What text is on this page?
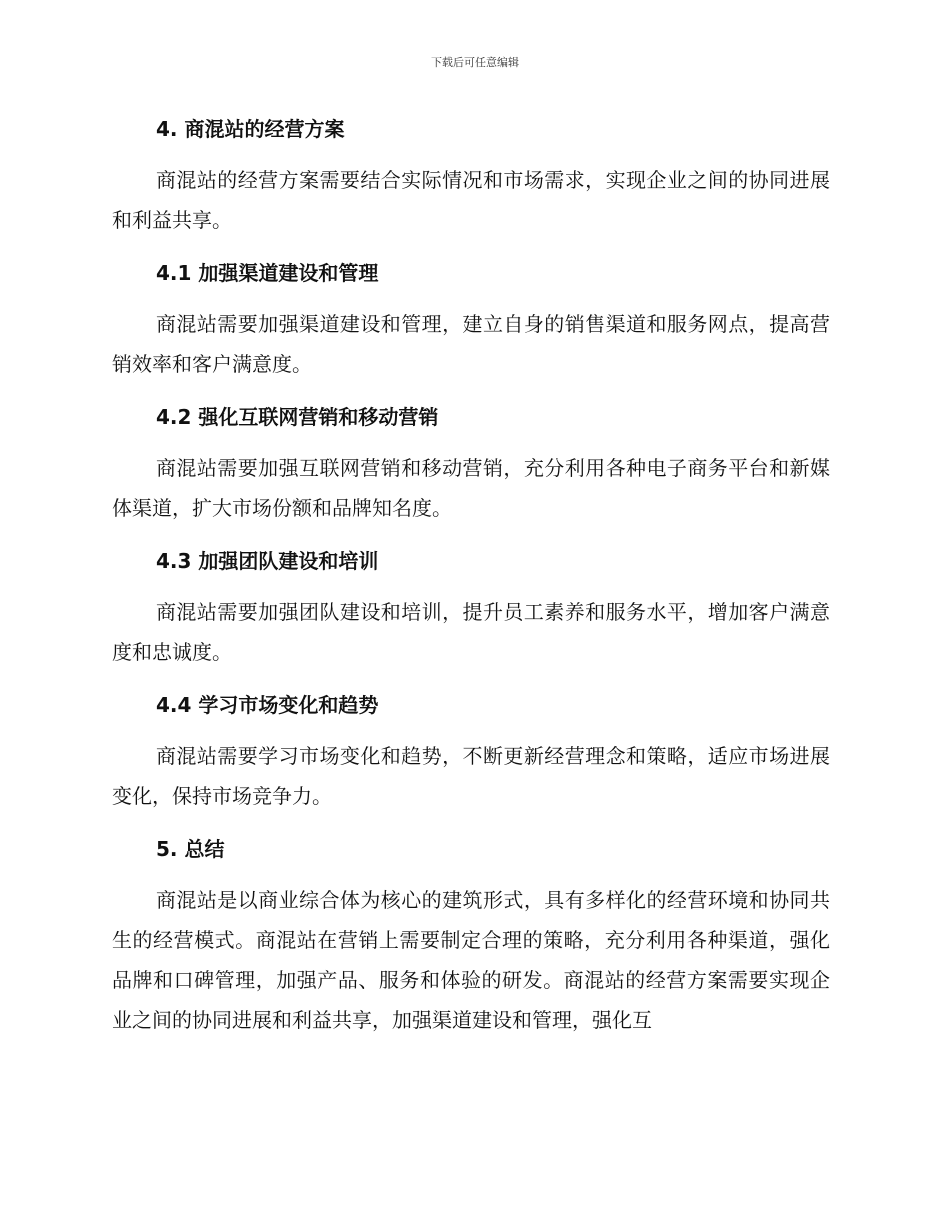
下载后可任意编辑
4. 商混站的经营方案

商混站的经营方案需要结合实际情况和市场需求，实现企业之间的协同进展和利益共享。

4.1 加强渠道建设和管理

商混站需要加强渠道建设和管理，建立自身的销售渠道和服务网点，提高营销效率和客户满意度。

4.2 强化互联网营销和移动营销

商混站需要加强互联网营销和移动营销，充分利用各种电子商务平台和新媒体渠道，扩大市场份额和品牌知名度。

4.3 加强团队建设和培训

商混站需要加强团队建设和培训，提升员工素养和服务水平，增加客户满意度和忠诚度。

4.4 学习市场变化和趋势

商混站需要学习市场变化和趋势，不断更新经营理念和策略，适应市场进展变化，保持市场竞争力。

5. 总结

商混站是以商业综合体为核心的建筑形式，具有多样化的经营环境和协同共生的经营模式。商混站在营销上需要制定合理的策略，充分利用各种渠道，强化品牌和口碑管理，加强产品、服务和体验的研发。商混站的经营方案需要实现企业之间的协同进展和利益共享，加强渠道建设和管理，强化互
